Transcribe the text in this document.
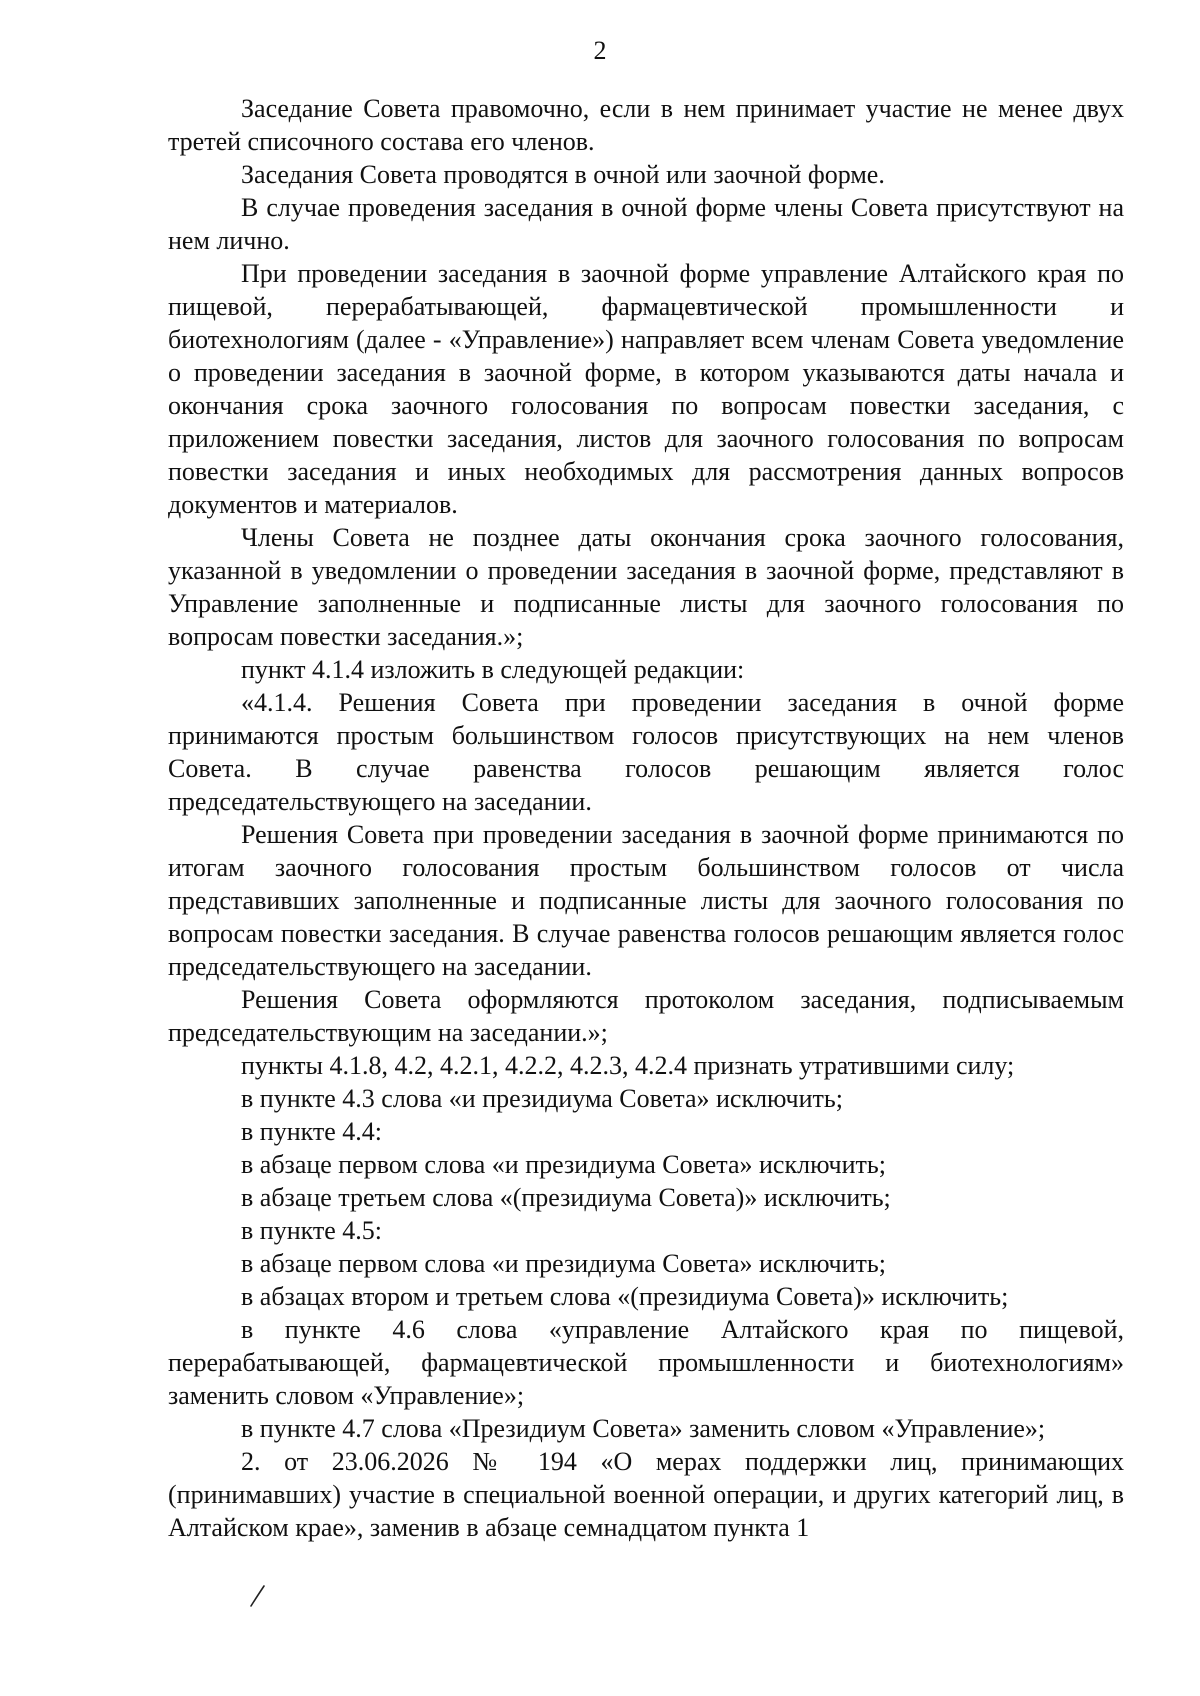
2

Заседание Совета правомочно, если в нем принимает участие не менее двух третей списочного состава его членов.

Заседания Совета проводятся в очной или заочной форме.

В случае проведения заседания в очной форме члены Совета присутствуют на нем лично.

При проведении заседания в заочной форме управление Алтайского края по пищевой, перерабатывающей, фармацевтической промышленности и биотехнологиям (далее - «Управление») направляет всем членам Совета уведомление о проведении заседания в заочной форме, в котором указываются даты начала и окончания срока заочного голосования по вопросам повестки заседания, с приложением повестки заседания, листов для заочного голосования по вопросам повестки заседания и иных необходимых для рассмотрения данных вопросов документов и материалов.

Члены Совета не позднее даты окончания срока заочного голосования, указанной в уведомлении о проведении заседания в заочной форме, представляют в Управление заполненные и подписанные листы для заочного голосования по вопросам повестки заседания.»;

пункт 4.1.4 изложить в следующей редакции:

«4.1.4. Решения Совета при проведении заседания в очной форме принимаются простым большинством голосов присутствующих на нем членов Совета. В случае равенства голосов решающим является голос председательствующего на заседании.

Решения Совета при проведении заседания в заочной форме принимаются по итогам заочного голосования простым большинством голосов от числа представивших заполненные и подписанные листы для заочного голосования по вопросам повестки заседания. В случае равенства голосов решающим является голос председательствующего на заседании.

Решения Совета оформляются протоколом заседания, подписываемым председательствующим на заседании.»;

пункты 4.1.8, 4.2, 4.2.1, 4.2.2, 4.2.3, 4.2.4 признать утратившими силу;

в пункте 4.3 слова «и президиума Совета» исключить;

в пункте 4.4:

в абзаце первом слова «и президиума Совета» исключить;

в абзаце третьем слова «(президиума Совета)» исключить;

в пункте 4.5:

в абзаце первом слова «и президиума Совета» исключить;

в абзацах втором и третьем слова «(президиума Совета)» исключить;

в пункте 4.6 слова «управление Алтайского края по пищевой, перерабатывающей, фармацевтической промышленности и биотехнологиям» заменить словом «Управление»;

в пункте 4.7 слова «Президиум Совета» заменить словом «Управление»;

2. от 23.06.2026 № 194 «О мерах поддержки лиц, принимающих (принимавших) участие в специальной военной операции, и других категорий лиц, в Алтайском крае», заменив в абзаце семнадцатом пункта 1
